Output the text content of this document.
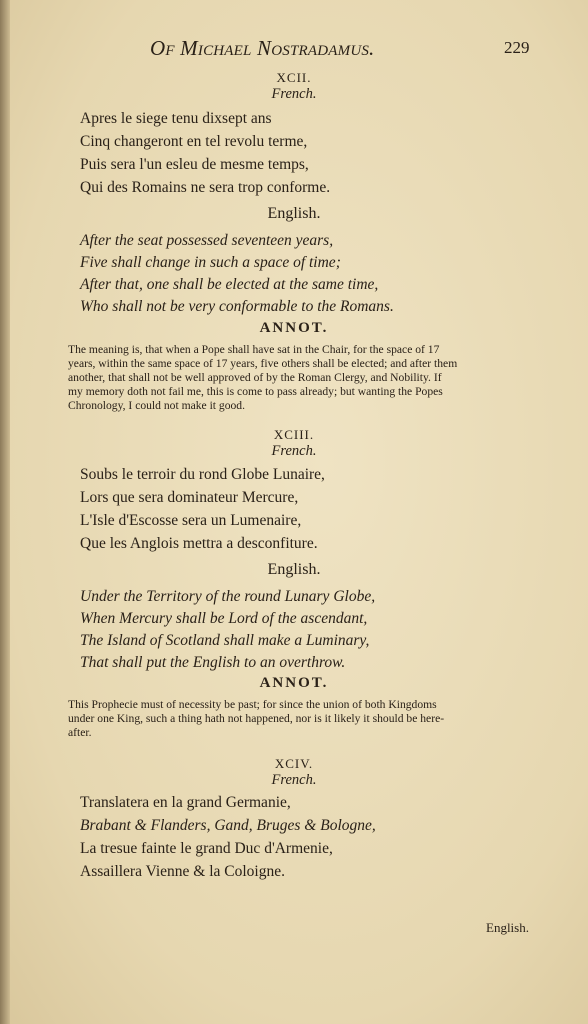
Of Michael Nostradamus.	229
XCII.
French.
Apres le siege tenu dixsept ans
Cinq changeront en tel revolu terme,
Puis sera l'un esleu de mesme temps,
Qui des Romains ne sera trop conforme.
English.
After the seat possessed seventeen years,
Five shall change in such a space of time;
After that, one shall be elected at the same time,
Who shall not be very conformable to the Romans.
ANNOT.
The meaning is, that when a Pope shall have sat in the Chair, for the space of 17
years, within the same space of 17 years, five others shall be elected; and after them
another, that shall not be well approved of by the Roman Clergy, and Nobility. If
my memory doth not fail me, this is come to pass already; but wanting the Popes
Chronology, I could not make it good.
XCIII.
French.
Soubs le terroir du rond Globe Lunaire,
Lors que sera dominateur Mercure,
L'Isle d'Escosse sera un Lumenaire,
Que les Anglois mettra a desconfiture.
English.
Under the Territory of the round Lunary Globe,
When Mercury shall be Lord of the ascendant,
The Island of Scotland shall make a Luminary,
That shall put the English to an overthrow.
ANNOT.
This Prophecie must of necessity be past; for since the union of both Kingdoms
under one King, such a thing hath not happened, nor is it likely it should be here-
after.
XCIV.
French.
Translatera en la grand Germanie,
Brabant & Flanders, Gand, Bruges & Bologne,
La tresue fainte le grand Duc d'Armenie,
Assaillera Vienne & la Coloigne.
English.
